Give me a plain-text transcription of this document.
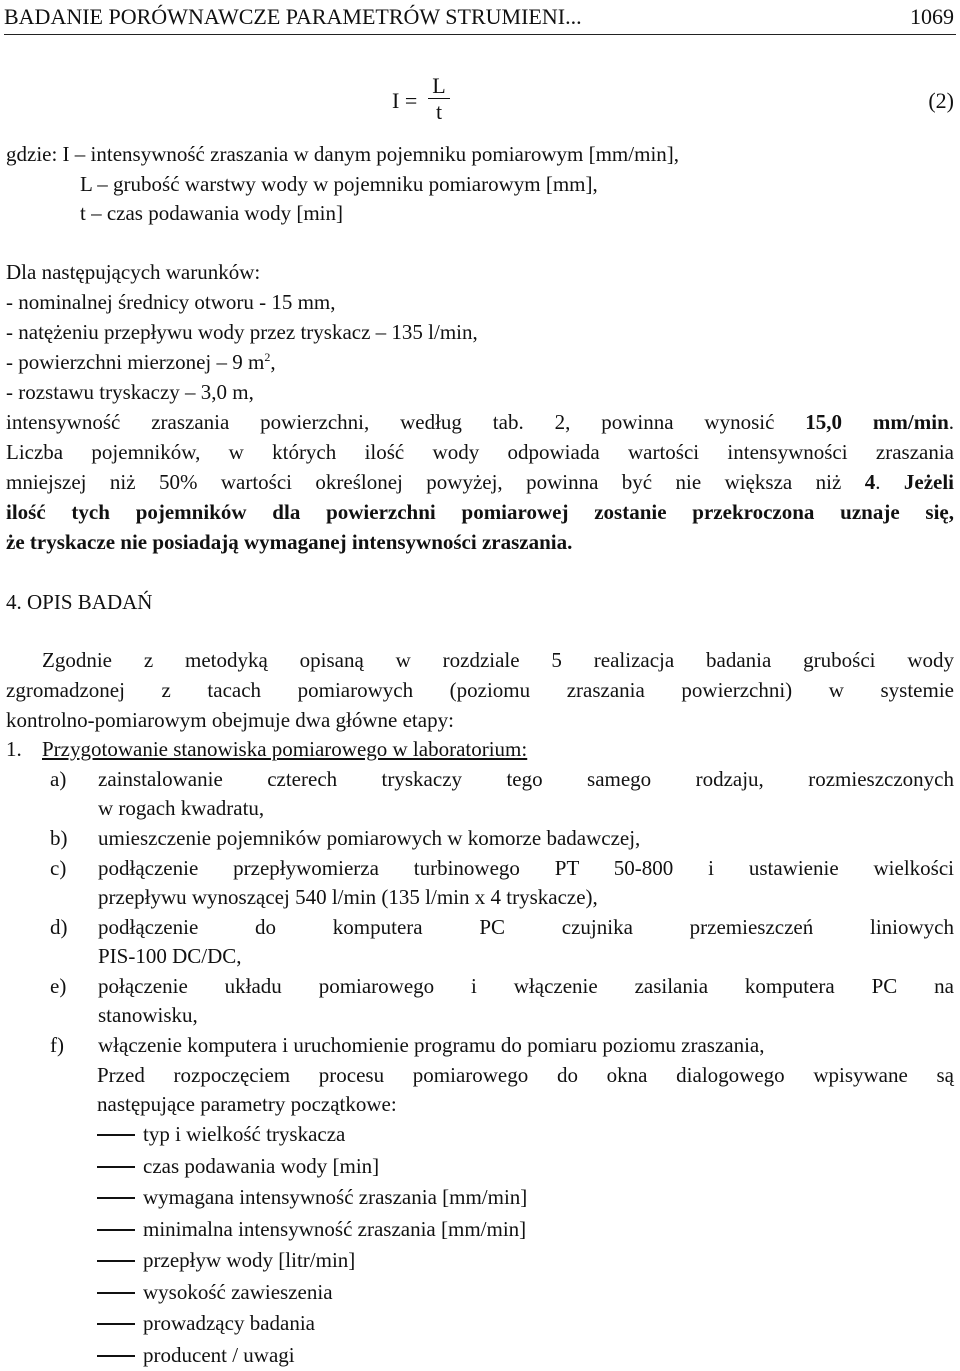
BADANIE PORÓWNAWCZE PARAMETRÓW STRUMIENI...	1069
I =
L
t	(2)
gdzie: I – intensywność zraszania w danym pojemniku pomiarowym [mm/min],
L – grubość warstwy wody w pojemniku pomiarowym [mm],
t – czas podawania wody [min]
Dla następujących warunków:
- nominalnej średnicy otworu - 15 mm,
- natężeniu przepływu wody przez tryskacz – 135 l/min,
- powierzchni mierzonej – 9 $m^2$,
- rozstawu tryskaczy – 3,0 m,
intensywność zraszania powierzchni, według tab. 2, powinna wynosić 15,0 mm/min.
Liczba pojemników, w których ilość wody odpowiada wartości intensywności zraszania
mniejszej niż 50% wartości określonej powyżej, powinna być nie większa niż 4. Jeżeli
ilość tych pojemników dla powierzchni pomiarowej zostanie przekroczona uznaje się,
że tryskacze nie posiadają wymaganej intensywności zraszania.
4. OPIS BADAŃ
Zgodnie z metodyką opisaną w rozdziale 5 realizacja badania grubości wody
zgromadzonej z tacach pomiarowych (poziomu zraszania powierzchni) w systemie
kontrolno-pomiarowym obejmuje dwa główne etapy:
1. Przygotowanie stanowiska pomiarowego w laboratorium:
a) zainstalowanie czterech tryskaczy tego samego rodzaju, rozmieszczonych
w rogach kwadratu,
b) umieszczenie pojemników pomiarowych w komorze badawczej,
c) podłączenie przepływomierza turbinowego PT 50-800 i ustawienie wielkości
przepływu wynoszącej 540 l/min (135 l/min x 4 tryskacze),
d) podłączenie do komputera PC czujnika przemieszczeń liniowych
PIS-100 DC/DC,
e) połączenie układu pomiarowego i włączenie zasilania komputera PC na
stanowisku,
f) włączenie komputera i uruchomienie programu do pomiaru poziomu zraszania,
Przed rozpoczęciem procesu pomiarowego do okna dialogowego wpisywane są
następujące parametry początkowe:
typ i wielkość tryskacza
czas podawania wody [min]
wymagana intensywność zraszania [mm/min]
minimalna intensywność zraszania [mm/min]
przepływ wody [litr/min]
wysokość zawieszenia
prowadzący badania
producent / uwagi
